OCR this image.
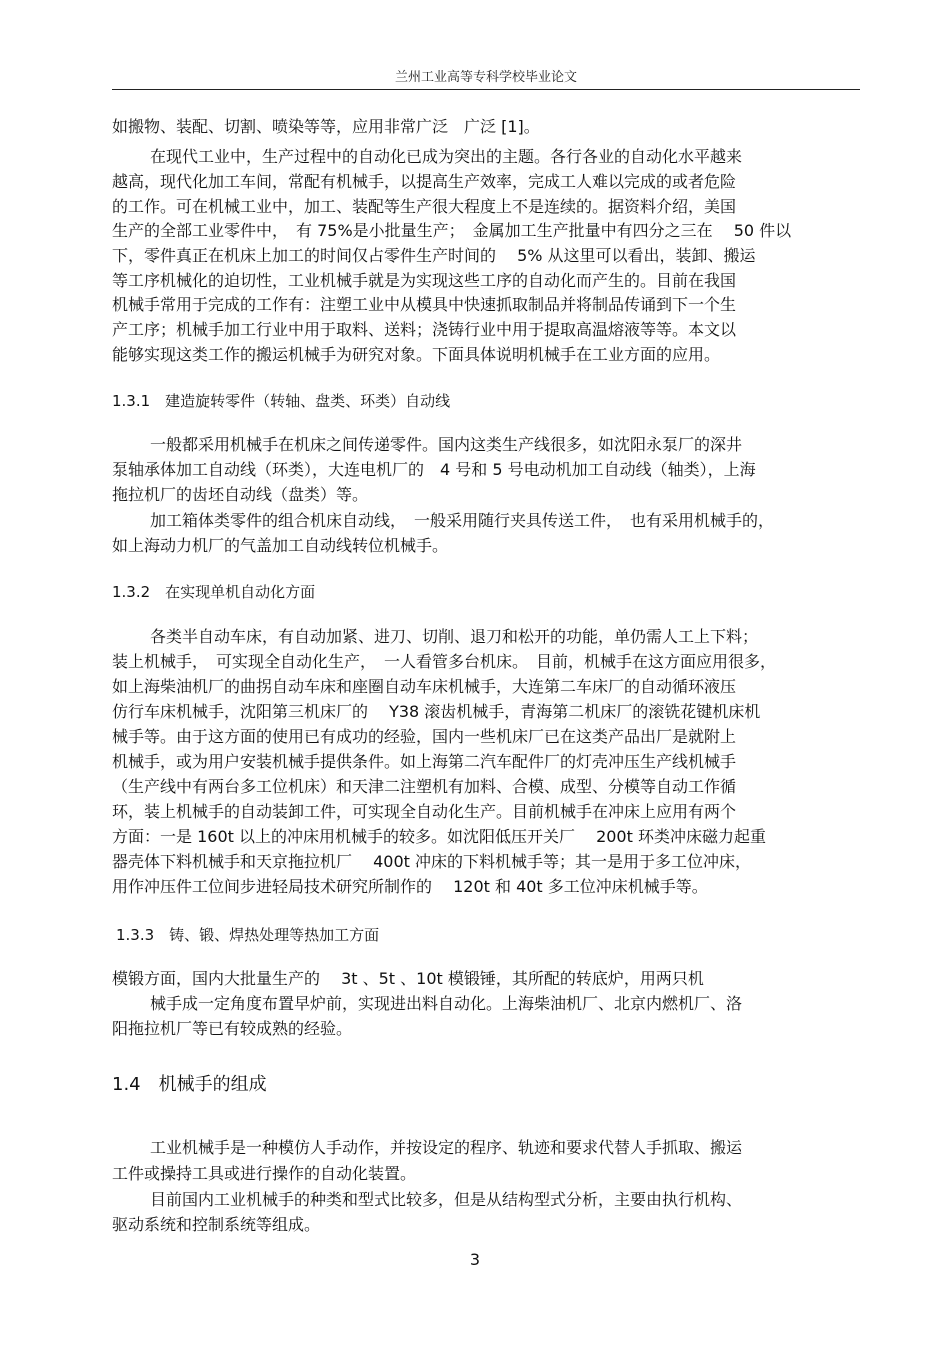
兰州工业高等专科学校毕业论文
如搬物、装配、切割、喷染等等，应用非常广泛　广泛 [1]。
在现代工业中，生产过程中的自动化已成为突出的主题。各行各业的自动化水平越来
越高，现代化加工车间，常配有机械手，以提高生产效率，完成工人难以完成的或者危险
的工作。可在机械工业中，加工、装配等生产很大程度上不是连续的。据资料介绍，美国
生产的全部工业零件中，　有 75%是小批量生产；　金属加工生产批量中有四分之三在　 50 件以
下，零件真正在机床上加工的时间仅占零件生产时间的　 5% 从这里可以看出，装卸、搬运
等工序机械化的迫切性，工业机械手就是为实现这些工序的自动化而产生的。目前在我国
机械手常用于完成的工作有：注塑工业中从模具中快速抓取制品并将制品传诵到下一个生
产工序；机械手加工行业中用于取料、送料；浇铸行业中用于提取高温熔液等等。本文以
能够实现这类工作的搬运机械手为研究对象。下面具体说明机械手在工业方面的应用。
1.3.1　建造旋转零件（转轴、盘类、环类）自动线
一般都采用机械手在机床之间传递零件。国内这类生产线很多，如沈阳永泵厂的深井
泵轴承体加工自动线（环类），大连电机厂的　4 号和 5 号电动机加工自动线（轴类），上海
拖拉机厂的齿坯自动线（盘类）等。
加工箱体类零件的组合机床自动线，　一般采用随行夹具传送工件，　也有采用机械手的，
如上海动力机厂的气盖加工自动线转位机械手。
1.3.2　在实现单机自动化方面
各类半自动车床，有自动加紧、进刀、切削、退刀和松开的功能，单仍需人工上下料；
装上机械手，　可实现全自动化生产，　一人看管多台机床。　目前，机械手在这方面应用很多，
如上海柴油机厂的曲拐自动车床和座圈自动车床机械手，大连第二车床厂的自动循环液压
仿行车床机械手，沈阳第三机床厂的　 Y38 滚齿机械手，青海第二机床厂的滚铣花键机床机
械手等。由于这方面的使用已有成功的经验，国内一些机床厂已在这类产品出厂是就附上
机械手，或为用户安装机械手提供条件。如上海第二汽车配件厂的灯壳冲压生产线机械手
（生产线中有两台多工位机床）和天津二注塑机有加料、合模、成型、分模等自动工作循
环，装上机械手的自动装卸工件，可实现全自动化生产。目前机械手在冲床上应用有两个
方面：一是 160t 以上的冲床用机械手的较多。如沈阳低压开关厂　 200t 环类冲床磁力起重
器壳体下料机械手和天京拖拉机厂　 400t 冲床的下料机械手等；其一是用于多工位冲床，
用作冲压件工位间步进轻局技术研究所制作的　 120t 和 40t 多工位冲床机械手等。
1.3.3　铸、锻、焊热处理等热加工方面
模锻方面，国内大批量生产的　 3t 、5t 、10t 模锻锤，其所配的转底炉，用两只机
械手成一定角度布置早炉前，实现进出料自动化。上海柴油机厂、北京内燃机厂、洛
阳拖拉机厂等已有较成熟的经验。
1.4　机械手的组成
工业机械手是一种模仿人手动作，并按设定的程序、轨迹和要求代替人手抓取、搬运
工件或操持工具或进行操作的自动化装置。
目前国内工业机械手的种类和型式比较多，但是从结构型式分析，主要由执行机构、
驱动系统和控制系统等组成。
3
